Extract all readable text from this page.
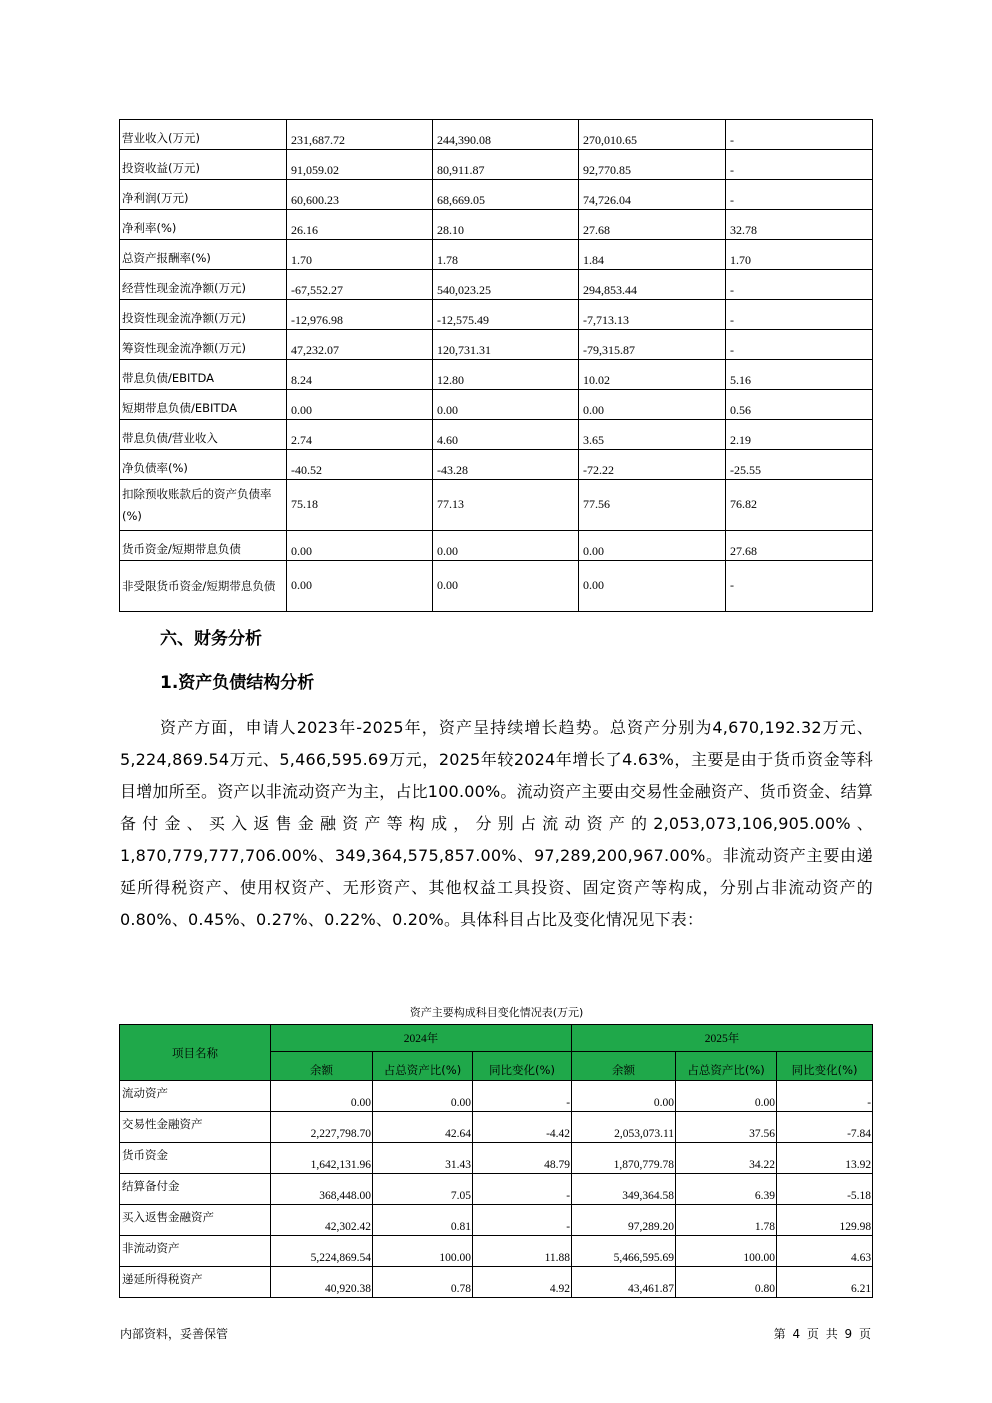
营业收入(万元)	231,687.72	244,390.08	270,010.65	-
投资收益(万元)	91,059.02	80,911.87	92,770.85	-
净利润(万元)	60,600.23	68,669.05	74,726.04	-
净利率(%)	26.16	28.10	27.68	32.78
总资产报酬率(%)	1.70	1.78	1.84	1.70
经营性现金流净额(万元)	-67,552.27	540,023.25	294,853.44	-
投资性现金流净额(万元)	-12,976.98	-12,575.49	-7,713.13	-
筹资性现金流净额(万元)	47,232.07	120,731.31	-79,315.87	-
带息负债/EBITDA	8.24	12.80	10.02	5.16
短期带息负债/EBITDA	0.00	0.00	0.00	0.56
带息负债/营业收入	2.74	4.60	3.65	2.19
净负债率(%)	-40.52	-43.28	-72.22	-25.55
扣除预收账款后的资产负债率(%)	75.18	77.13	77.56	76.82
货币资金/短期带息负债	0.00	0.00	0.00	27.68
非受限货币资金/短期带息负债	0.00	0.00	0.00	-
六、财务分析
1.资产负债结构分析
资产方面，申请人2023年-2025年，资产呈持续增长趋势。总资产分别为4,670,192.32万元、5,224,869.54万元、5,466,595.69万元，2025年较2024年增长了4.63%，主要是由于货币资金等科目增加所至。资产以非流动资产为主，占比100.00%。流动资产主要由交易性金融资产、货币资金、结算备付金、买入返售金融资产等构成，分别占流动资产的2,053,073,106,905.00%、1,870,779,777,706.00%、349,364,575,857.00%、97,289,200,967.00%。非流动资产主要由递延所得税资产、使用权资产、无形资产、其他权益工具投资、固定资产等构成，分别占非流动资产的0.80%、0.45%、0.27%、0.22%、0.20%。具体科目占比及变化情况见下表：
资产主要构成科目变化情况表(万元)
项目名称	2024年			2025年		
	余额	占总资产比(%)	同比变化(%)	余额	占总资产比(%)	同比变化(%)
流动资产	0.00	0.00	-	0.00	0.00	-
交易性金融资产	2,227,798.70	42.64	-4.42	2,053,073.11	37.56	-7.84
货币资金	1,642,131.96	31.43	48.79	1,870,779.78	34.22	13.92
结算备付金	368,448.00	7.05	-	349,364.58	6.39	-5.18
买入返售金融资产	42,302.42	0.81	-	97,289.20	1.78	129.98
非流动资产	5,224,869.54	100.00	11.88	5,466,595.69	100.00	4.63
递延所得税资产	40,920.38	0.78	4.92	43,461.87	0.80	6.21
内部资料，妥善保管	第 4 页 共 9 页
